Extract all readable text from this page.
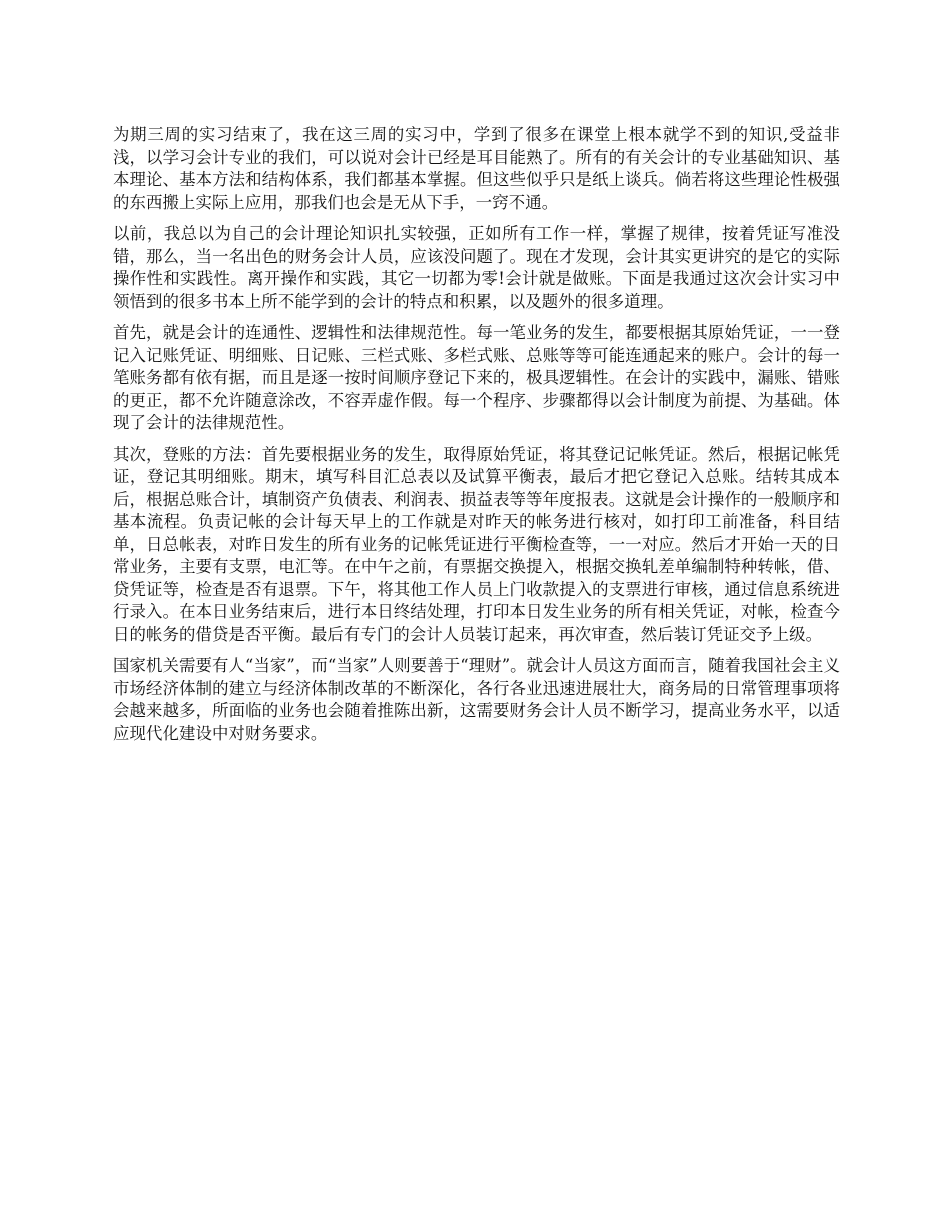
为期三周的实习结束了，我在这三周的实习中，学到了很多在课堂上根本就学不到的知识,受益非浅，以学习会计专业的我们，可以说对会计已经是耳目能熟了。所有的有关会计的专业基础知识、基本理论、基本方法和结构体系，我们都基本掌握。但这些似乎只是纸上谈兵。倘若将这些理论性极强的东西搬上实际上应用，那我们也会是无从下手，一窍不通。

以前，我总以为自己的会计理论知识扎实较强，正如所有工作一样，掌握了规律，按着凭证写准没错，那么，当一名出色的财务会计人员，应该没问题了。现在才发现，会计其实更讲究的是它的实际操作性和实践性。离开操作和实践，其它一切都为零!会计就是做账。下面是我通过这次会计实习中领悟到的很多书本上所不能学到的会计的特点和积累，以及题外的很多道理。

首先，就是会计的连通性、逻辑性和法律规范性。每一笔业务的发生，都要根据其原始凭证，一一登记入记账凭证、明细账、日记账、三栏式账、多栏式账、总账等等可能连通起来的账户。会计的每一笔账务都有依有据，而且是逐一按时间顺序登记下来的，极具逻辑性。在会计的实践中，漏账、错账的更正，都不允许随意涂改，不容弄虚作假。每一个程序、步骤都得以会计制度为前提、为基础。体现了会计的法律规范性。

其次，登账的方法：首先要根据业务的发生，取得原始凭证，将其登记记帐凭证。然后，根据记帐凭证，登记其明细账。期末，填写科目汇总表以及试算平衡表，最后才把它登记入总账。结转其成本后，根据总账合计，填制资产负债表、利润表、损益表等等年度报表。这就是会计操作的一般顺序和基本流程。负责记帐的会计每天早上的工作就是对昨天的帐务进行核对，如打印工前准备，科目结单，日总帐表，对昨日发生的所有业务的记帐凭证进行平衡检查等，一一对应。然后才开始一天的日常业务，主要有支票，电汇等。在中午之前，有票据交换提入，根据交换轧差单编制特种转帐，借、贷凭证等，检查是否有退票。下午，将其他工作人员上门收款提入的支票进行审核，通过信息系统进行录入。在本日业务结束后，进行本日终结处理，打印本日发生业务的所有相关凭证，对帐，检查今日的帐务的借贷是否平衡。最后有专门的会计人员装订起来，再次审查，然后装订凭证交予上级。

国家机关需要有人“当家”，而“当家”人则要善于“理财”。就会计人员这方面而言，随着我国社会主义市场经济体制的建立与经济体制改革的不断深化，各行各业迅速进展壮大，商务局的日常管理事项将会越来越多，所面临的业务也会随着推陈出新，这需要财务会计人员不断学习，提高业务水平，以适应现代化建设中对财务要求。
